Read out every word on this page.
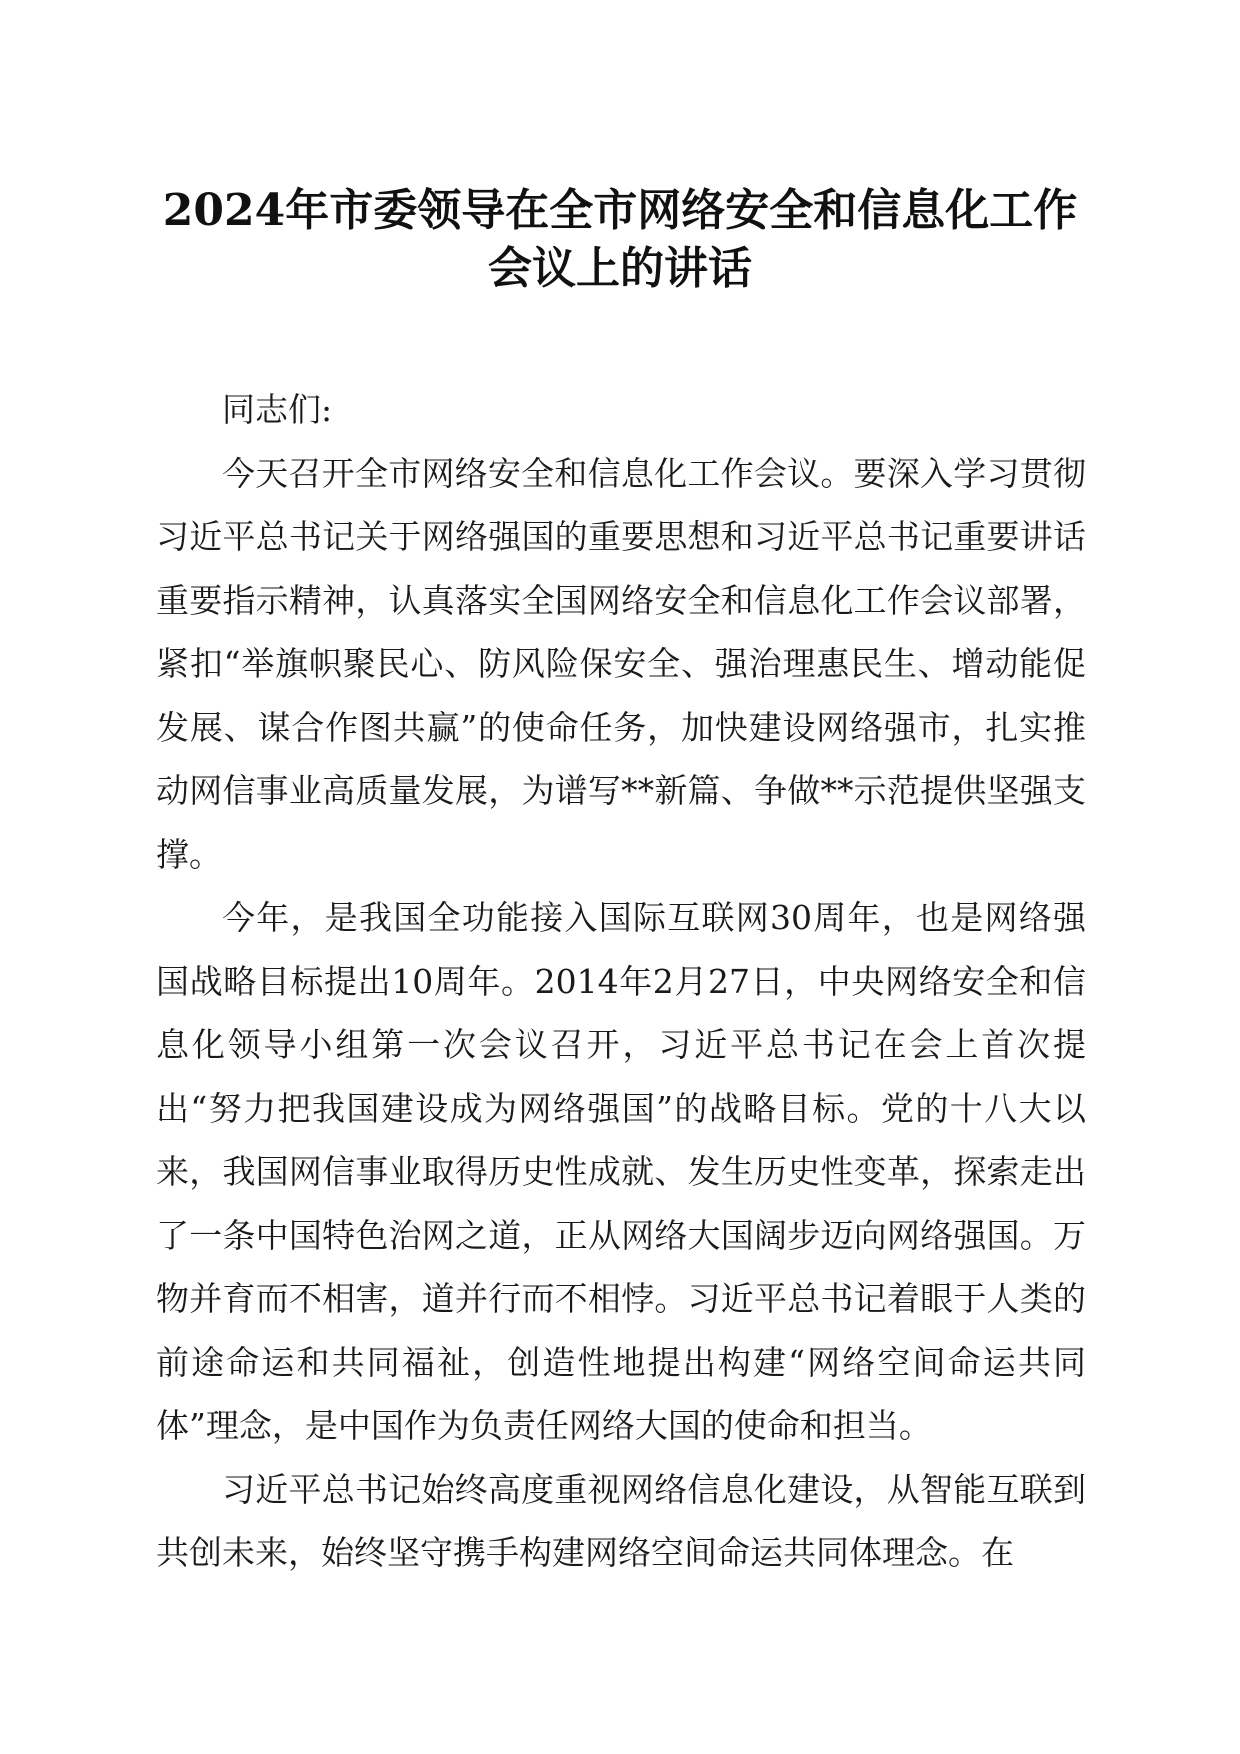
2024年市委领导在全市网络安全和信息化工作会议上的讲话

同志们:

今天召开全市网络安全和信息化工作会议。要深入学习贯彻习近平总书记关于网络强国的重要思想和习近平总书记重要讲话重要指示精神，认真落实全国网络安全和信息化工作会议部署，紧扣“举旗帜聚民心、防风险保安全、强治理惠民生、增动能促发展、谋合作图共赢”的使命任务，加快建设网络强市，扎实推动网信事业高质量发展，为谱写**新篇、争做**示范提供坚强支撑。

今年，是我国全功能接入国际互联网30周年，也是网络强国战略目标提出10周年。2014年2月27日，中央网络安全和信息化领导小组第一次会议召开，习近平总书记在会上首次提出“努力把我国建设成为网络强国”的战略目标。党的十八大以来，我国网信事业取得历史性成就、发生历史性变革，探索走出了一条中国特色治网之道，正从网络大国阔步迈向网络强国。万物并育而不相害，道并行而不相悖。习近平总书记着眼于人类的前途命运和共同福祉，创造性地提出构建“网络空间命运共同体”理念，是中国作为负责任网络大国的使命和担当。

习近平总书记始终高度重视网络信息化建设，从智能互联到共创未来，始终坚守携手构建网络空间命运共同体理念。在
